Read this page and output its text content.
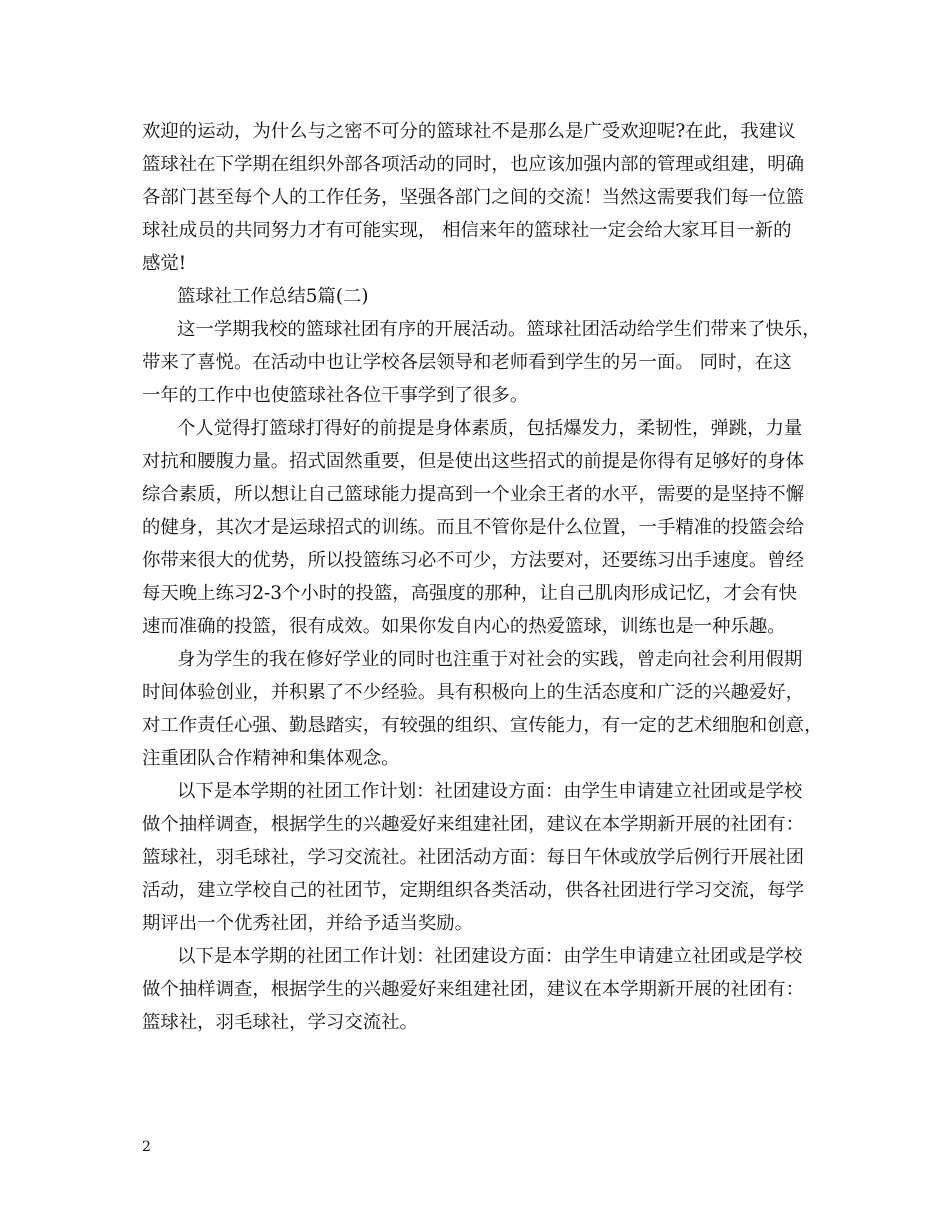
欢迎的运动，为什么与之密不可分的篮球社不是那么是广受欢迎呢?在此，我建议
篮球社在下学期在组织外部各项活动的同时，也应该加强内部的管理或组建，明确
各部门甚至每个人的工作任务，坚强各部门之间的交流！当然这需要我们每一位篮
球社成员的共同努力才有可能实现， 相信来年的篮球社一定会给大家耳目一新的
感觉!
篮球社工作总结5篇(二)
这一学期我校的篮球社团有序的开展活动。篮球社团活动给学生们带来了快乐，
带来了喜悦。在活动中也让学校各层领导和老师看到学生的另一面。 同时，在这
一年的工作中也使篮球社各位干事学到了很多。
个人觉得打篮球打得好的前提是身体素质，包括爆发力，柔韧性，弹跳，力量
对抗和腰腹力量。招式固然重要，但是使出这些招式的前提是你得有足够好的身体
综合素质，所以想让自己篮球能力提高到一个业余王者的水平，需要的是坚持不懈
的健身，其次才是运球招式的训练。而且不管你是什么位置，一手精准的投篮会给
你带来很大的优势，所以投篮练习必不可少，方法要对，还要练习出手速度。曾经
每天晚上练习2-3个小时的投篮，高强度的那种，让自己肌肉形成记忆，才会有快
速而准确的投篮，很有成效。如果你发自内心的热爱篮球，训练也是一种乐趣。
身为学生的我在修好学业的同时也注重于对社会的实践，曾走向社会利用假期
时间体验创业，并积累了不少经验。具有积极向上的生活态度和广泛的兴趣爱好，
对工作责任心强、勤恳踏实，有较强的组织、宣传能力，有一定的艺术细胞和创意，
注重团队合作精神和集体观念。
以下是本学期的社团工作计划：社团建设方面：由学生申请建立社团或是学校
做个抽样调查，根据学生的兴趣爱好来组建社团，建议在本学期新开展的社团有：
篮球社，羽毛球社，学习交流社。社团活动方面：每日午休或放学后例行开展社团
活动，建立学校自己的社团节，定期组织各类活动，供各社团进行学习交流，每学
期评出一个优秀社团，并给予适当奖励。
以下是本学期的社团工作计划：社团建设方面：由学生申请建立社团或是学校
做个抽样调查，根据学生的兴趣爱好来组建社团，建议在本学期新开展的社团有：
篮球社，羽毛球社，学习交流社。
2
